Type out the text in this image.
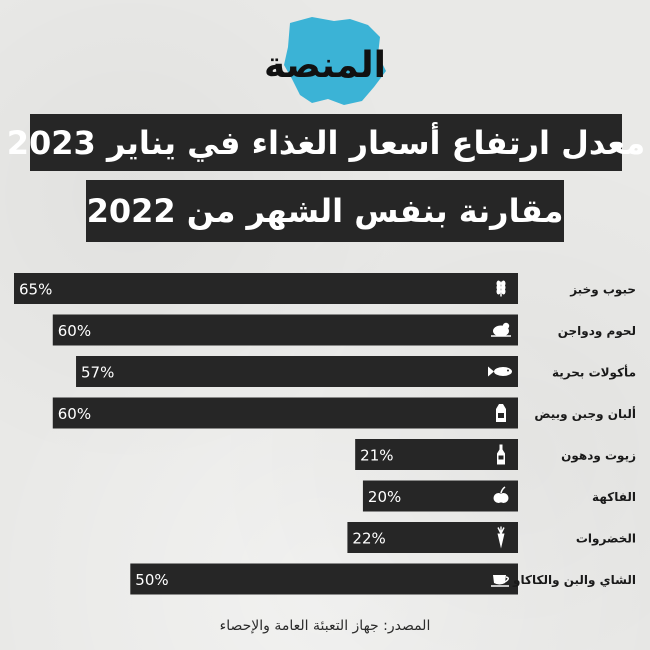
المنصة
معدل ارتفاع أسعار الغذاء في يناير 2023
مقارنة بنفس الشهر من 2022
65%	حبوب وخبز
60%	لحوم ودواجن
57%	مأكولات بحرية
60%	ألبان وجبن وبيض
21%	زيوت ودهون
20%	الفاكهة
22%	الخضروات
50%	الشاي والبن والكاكاو
المصدر: جهاز التعبئة العامة والإحصاء
